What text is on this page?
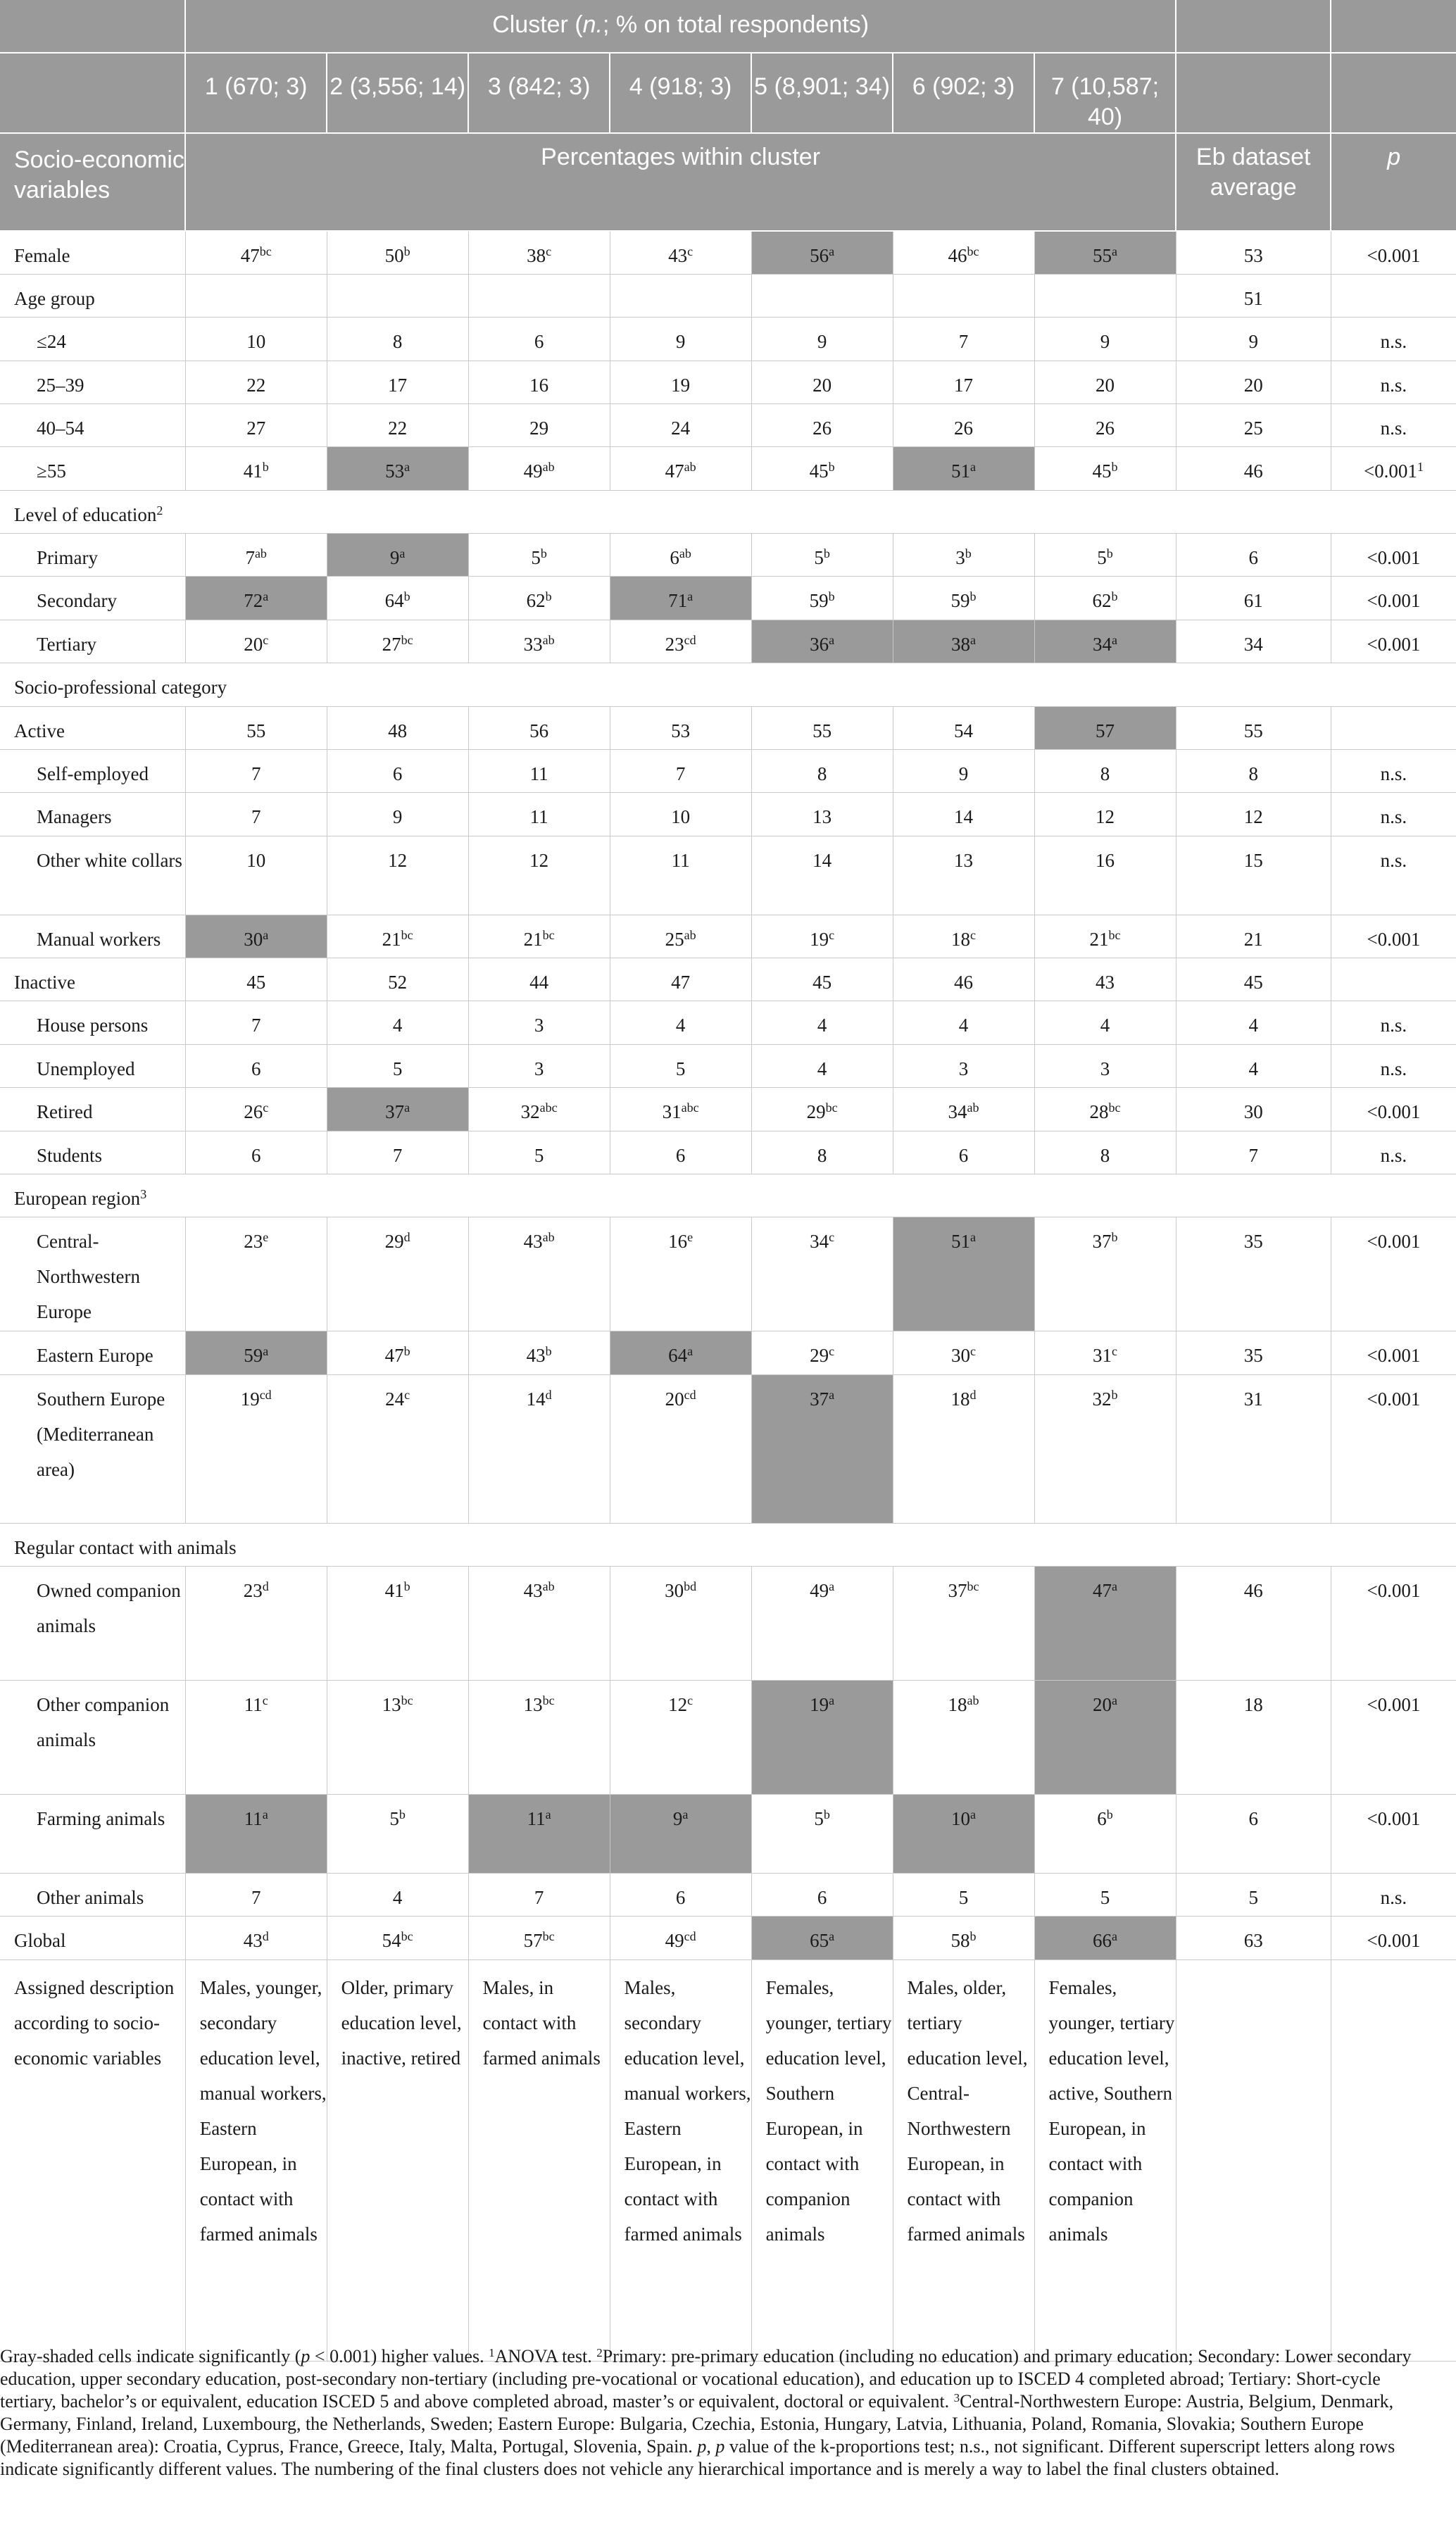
	Cluster (n.; % on total respondents)								
	1 (670; 3)	2 (3,556; 14)	3 (842; 3)	4 (918; 3)	5 (8,901; 34)	6 (902; 3)	7 (10,587; 40)		
Socio-economic variables	Percentages within cluster							Eb dataset average	p
Female	$47^{bc}$	50$^b$	38$^c$	43$^c$	56$^a$	$46^{bc}$	55$^a$	53	<0.001
Age group								51	
≤24	10	8	6	9	9	7	9	9	n.s.
25–39	22	17	16	19	20	17	20	20	n.s.
40–54	27	22	29	24	26	26	26	25	n.s.
≥55	41$^b$	53$^a$	$49^{ab}$	$47^{ab}$	45$^b$	51$^a$	45$^b$	46	$<0.001^1$
Level of education$^2$
Primary	$7^{ab}$	9$^a$	5$^b$	$6^{ab}$	5$^b$	3$^b$	5$^b$	6	<0.001
Secondary	72$^a$	64$^b$	62$^b$	71$^a$	59$^b$	59$^b$	62$^b$	61	<0.001
Tertiary	20$^c$	$27^{bc}$	$33^{ab}$	$23^{cd}$	36$^a$	38$^a$	34$^a$	34	<0.001
Socio-professional category									
Active	55	48	56	53	55	54	57	55	
Self-employed	7	6	11	7	8	9	8	8	n.s.
Managers	7	9	11	10	13	14	12	12	n.s.
Other white collars	10	12	12	11	14	13	16	15	n.s.
Manual workers	30$^a$	$21^{bc}$	$21^{bc}$	$25^{ab}$	19$^c$	18$^c$	$21^{bc}$	21	<0.001
Inactive	45	52	44	47	45	46	43	45	
House persons	7	4	3	4	4	4	4	4	n.s.
Unemployed	6	5	3	5	4	3	3	4	n.s.
Retired	26$^c$	37$^a$	$32^{abc}$	$31^{abc}$	$29^{bc}$	$34^{ab}$	$28^{bc}$	30	<0.001
Students	6	7	5	6	8	6	8	7	n.s.
European region$^3$
Central-Northwestern Europe	23e	29$^d$	$43^{ab}$	16e	34$^c$	51$^a$	37$^b$	35	<0.001
Eastern Europe	59$^a$	47$^b$	43$^b$	64$^a$	29$^c$	30$^c$	31$^c$	35	<0.001
Southern Europe (Mediterranean area)	$19^{cd}$	24$^c$	14$^d$	$20^{cd}$	37$^a$	18$^d$	32$^b$	31	<0.001
Regular contact with animals									
Owned companion animals	23$^d$	41$^b$	$43^{ab}$	$30^{bd}$	49$^a$	$37^{bc}$	47$^a$	46	<0.001
Other companion animals	11$^c$	$13^{bc}$	$13^{bc}$	12$^c$	19$^a$	$18^{ab}$	20$^a$	18	<0.001
Farming animals	11$^a$	5$^b$	11$^a$	9$^a$	5$^b$	10$^a$	6$^b$	6	<0.001
Other animals	7	4	7	6	6	5	5	5	n.s.
Global	43$^d$	$54^{bc}$	$57^{bc}$	$49^{cd}$	65$^a$	58$^b$	66$^a$	63	<0.001
Assigned description according to socio-economic variables	Males, younger, secondary education level, manual workers, Eastern European, in contact with farmed animals	Older, primary education level, inactive, retired	Males, in contact with farmed animals	Males, secondary education level, manual workers, Eastern European, in contact with farmed animals	Females, younger, tertiary education level, Southern European, in contact with companion animals	Males, older, tertiary education level, Central-Northwestern European, in contact with farmed animals	Females, younger, tertiary education level, active, Southern European, in contact with companion animals		
Gray-shaded cells indicate significantly (p < 0.001) higher values. $^1$ANOVA test. $^2$Primary: pre-primary education (including no education) and primary education; Secondary: Lower secondary education, upper secondary education, post-secondary non-tertiary (including pre-vocational or vocational education), and education up to ISCED 4 completed abroad; Tertiary: Short-cycle tertiary, bachelor’s or equivalent, education ISCED 5 and above completed abroad, master’s or equivalent, doctoral or equivalent. $^3$Central-Northwestern Europe: Austria, Belgium, Denmark, Germany, Finland, Ireland, Luxembourg, the Netherlands, Sweden; Eastern Europe: Bulgaria, Czechia, Estonia, Hungary, Latvia, Lithuania, Poland, Romania, Slovakia; Southern Europe (Mediterranean area): Croatia, Cyprus, France, Greece, Italy, Malta, Portugal, Slovenia, Spain. p, p value of the k-proportions test; n.s., not significant. Different superscript letters along rows indicate significantly different values. The numbering of the final clusters does not vehicle any hierarchical importance and is merely a way to label the final clusters obtained.
